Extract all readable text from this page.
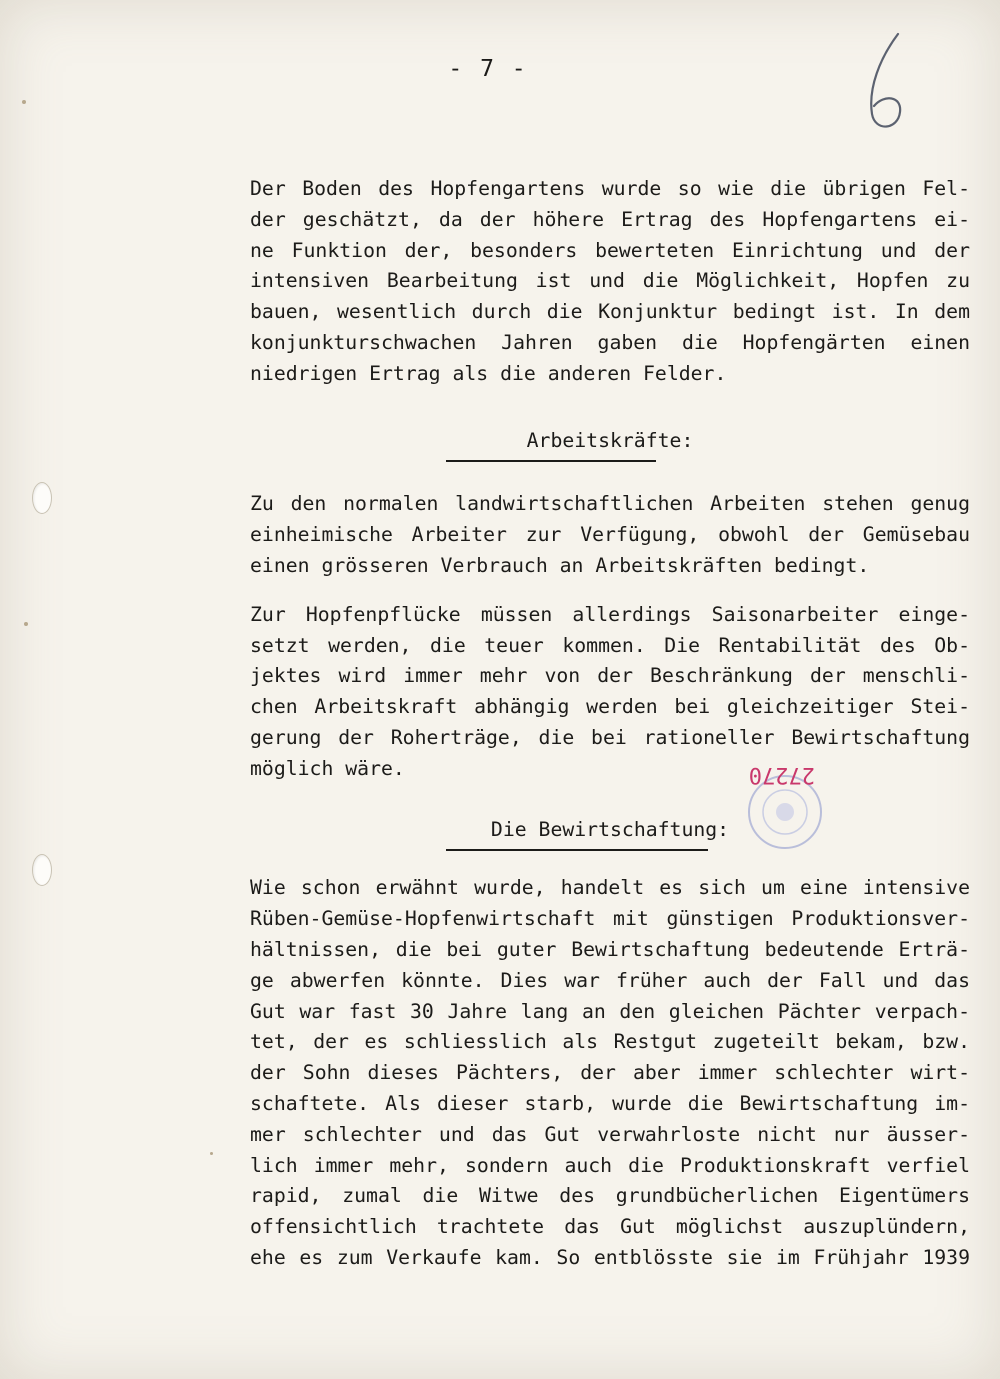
- 7 -
27270
Der Boden des Hopfengartens wurde so wie die übrigen Fel-
der geschätzt, da der höhere Ertrag des Hopfengartens ei-
ne Funktion der, besonders bewerteten Einrichtung und der
intensiven Bearbeitung ist und die Möglichkeit, Hopfen zu
bauen, wesentlich durch die Konjunktur bedingt ist. In dem
konjunkturschwachen Jahren gaben die Hopfengärten einen
niedrigen Ertrag als die anderen Felder.
Arbeitskräfte:
Zu den normalen landwirtschaftlichen Arbeiten stehen genug
einheimische Arbeiter zur Verfügung, obwohl der Gemüsebau
einen grösseren Verbrauch an Arbeitskräften bedingt.
Zur Hopfenpflücke müssen allerdings Saisonarbeiter einge-
setzt werden, die teuer kommen. Die Rentabilität des Ob-
jektes wird immer mehr von der Beschränkung der menschli-
chen Arbeitskraft abhängig werden bei gleichzeitiger Stei-
gerung der Roherträge, die bei rationeller Bewirtschaftung
möglich wäre.
Die Bewirtschaftung:
Wie schon erwähnt wurde, handelt es sich um eine intensive
Rüben-Gemüse-Hopfenwirtschaft mit günstigen Produktionsver-
hältnissen, die bei guter Bewirtschaftung bedeutende Erträ-
ge abwerfen könnte. Dies war früher auch der Fall und das
Gut war fast 30 Jahre lang an den gleichen Pächter verpach-
tet, der es schliesslich als Restgut zugeteilt bekam, bzw.
der Sohn dieses Pächters, der aber immer schlechter wirt-
schaftete. Als dieser starb, wurde die Bewirtschaftung im-
mer schlechter und das Gut verwahrloste nicht nur äusser-
lich immer mehr, sondern auch die Produktionskraft verfiel
rapid, zumal die Witwe des grundbücherlichen Eigentümers
offensichtlich trachtete das Gut möglichst auszuplündern,
ehe es zum Verkaufe kam. So entblösste sie im Frühjahr 1939
